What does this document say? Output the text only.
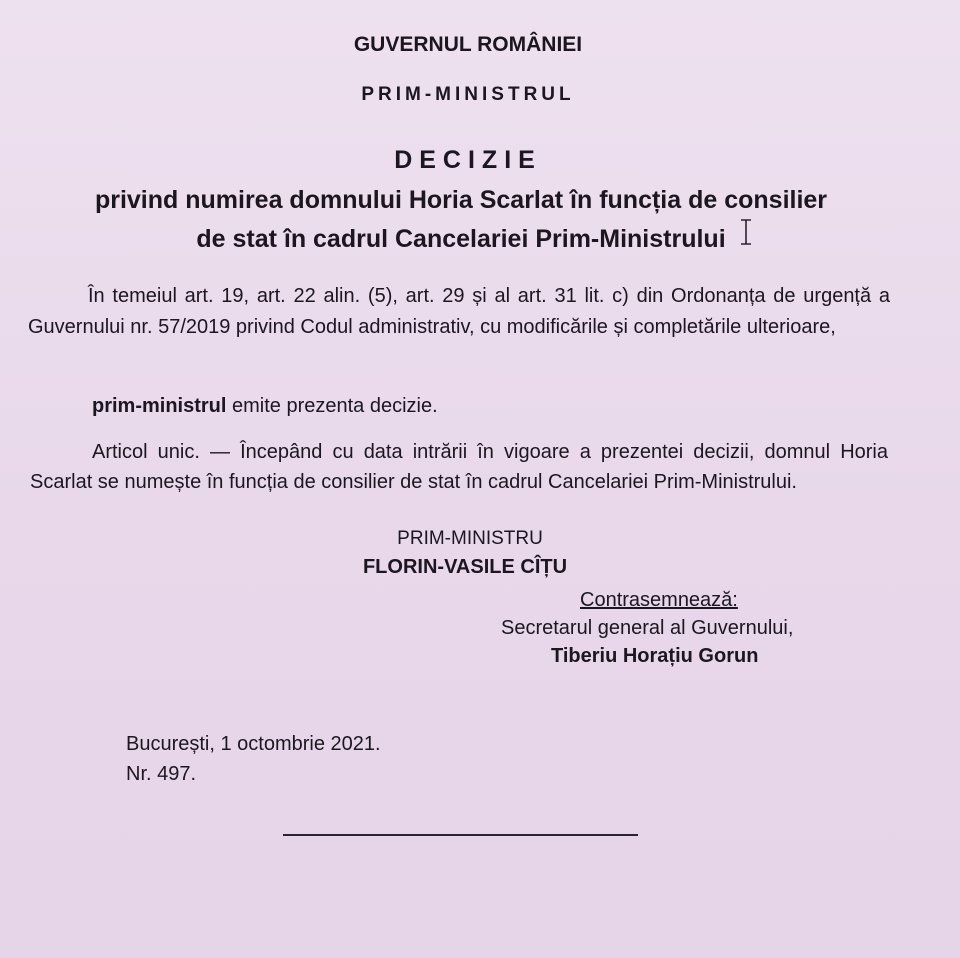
GUVERNUL ROMÂNIEI
PRIM-MINISTRUL
DECIZIE
privind numirea domnului Horia Scarlat în funcția de consilier
de stat în cadrul Cancelariei Prim-Ministrului
În temeiul art. 19, art. 22 alin. (5), art. 29 și al art. 31 lit. c) din Ordonanța de urgență a Guvernului nr. 57/2019 privind Codul administrativ, cu modificările și completările ulterioare,
prim-ministrul emite prezenta decizie.
Articol unic. — Începând cu data intrării în vigoare a prezentei decizii, domnul Horia Scarlat se numește în funcția de consilier de stat în cadrul Cancelariei Prim-Ministrului.
PRIM-MINISTRU
FLORIN-VASILE CÎȚU
Contrasemnează:
Secretarul general al Guvernului,
Tiberiu Horațiu Gorun
București, 1 octombrie 2021.
Nr. 497.
